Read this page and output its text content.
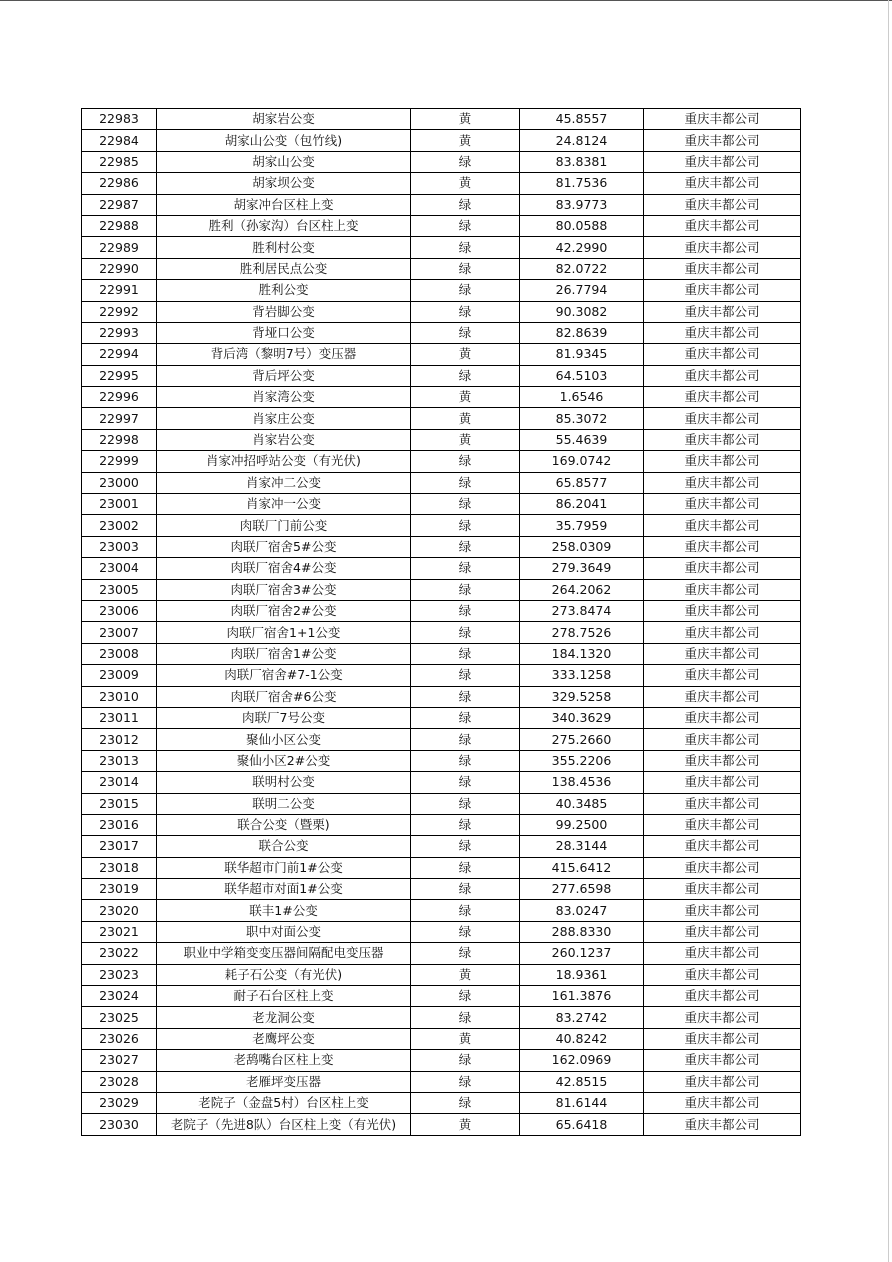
22983	胡家岩公变	黄	45.8557	重庆丰都公司
22984	胡家山公变（包竹线)	黄	24.8124	重庆丰都公司
22985	胡家山公变	绿	83.8381	重庆丰都公司
22986	胡家坝公变	黄	81.7536	重庆丰都公司
22987	胡家冲台区柱上变	绿	83.9773	重庆丰都公司
22988	胜利（孙家沟）台区柱上变	绿	80.0588	重庆丰都公司
22989	胜利村公变	绿	42.2990	重庆丰都公司
22990	胜利居民点公变	绿	82.0722	重庆丰都公司
22991	胜利公变	绿	26.7794	重庆丰都公司
22992	背岩脚公变	绿	90.3082	重庆丰都公司
22993	背垭口公变	绿	82.8639	重庆丰都公司
22994	背后湾（黎明7号）变压器	黄	81.9345	重庆丰都公司
22995	背后坪公变	绿	64.5103	重庆丰都公司
22996	肖家湾公变	黄	1.6546	重庆丰都公司
22997	肖家庄公变	黄	85.3072	重庆丰都公司
22998	肖家岩公变	黄	55.4639	重庆丰都公司
22999	肖家冲招呼站公变（有光伏)	绿	169.0742	重庆丰都公司
23000	肖家冲二公变	绿	65.8577	重庆丰都公司
23001	肖家冲一公变	绿	86.2041	重庆丰都公司
23002	肉联厂门前公变	绿	35.7959	重庆丰都公司
23003	肉联厂宿舍5#公变	绿	258.0309	重庆丰都公司
23004	肉联厂宿舍4#公变	绿	279.3649	重庆丰都公司
23005	肉联厂宿舍3#公变	绿	264.2062	重庆丰都公司
23006	肉联厂宿舍2#公变	绿	273.8474	重庆丰都公司
23007	肉联厂宿舍1+1公变	绿	278.7526	重庆丰都公司
23008	肉联厂宿舍1#公变	绿	184.1320	重庆丰都公司
23009	肉联厂宿舍#7-1公变	绿	333.1258	重庆丰都公司
23010	肉联厂宿舍#6公变	绿	329.5258	重庆丰都公司
23011	肉联厂7号公变	绿	340.3629	重庆丰都公司
23012	聚仙小区公变	绿	275.2660	重庆丰都公司
23013	聚仙小区2#公变	绿	355.2206	重庆丰都公司
23014	联明村公变	绿	138.4536	重庆丰都公司
23015	联明二公变	绿	40.3485	重庆丰都公司
23016	联合公变（暨栗)	绿	99.2500	重庆丰都公司
23017	联合公变	绿	28.3144	重庆丰都公司
23018	联华超市门前1#公变	绿	415.6412	重庆丰都公司
23019	联华超市对面1#公变	绿	277.6598	重庆丰都公司
23020	联丰1#公变	绿	83.0247	重庆丰都公司
23021	职中对面公变	绿	288.8330	重庆丰都公司
23022	职业中学箱变变压器间隔配电变压器	绿	260.1237	重庆丰都公司
23023	耗子石公变（有光伏)	黄	18.9361	重庆丰都公司
23024	耐子石台区柱上变	绿	161.3876	重庆丰都公司
23025	老龙洞公变	绿	83.2742	重庆丰都公司
23026	老鹰坪公变	黄	40.8242	重庆丰都公司
23027	老鸹嘴台区柱上变	绿	162.0969	重庆丰都公司
23028	老雁坪变压器	绿	42.8515	重庆丰都公司
23029	老院子（金盘5村）台区柱上变	绿	81.6144	重庆丰都公司
23030	老院子（先进8队）台区柱上变（有光伏)	黄	65.6418	重庆丰都公司
